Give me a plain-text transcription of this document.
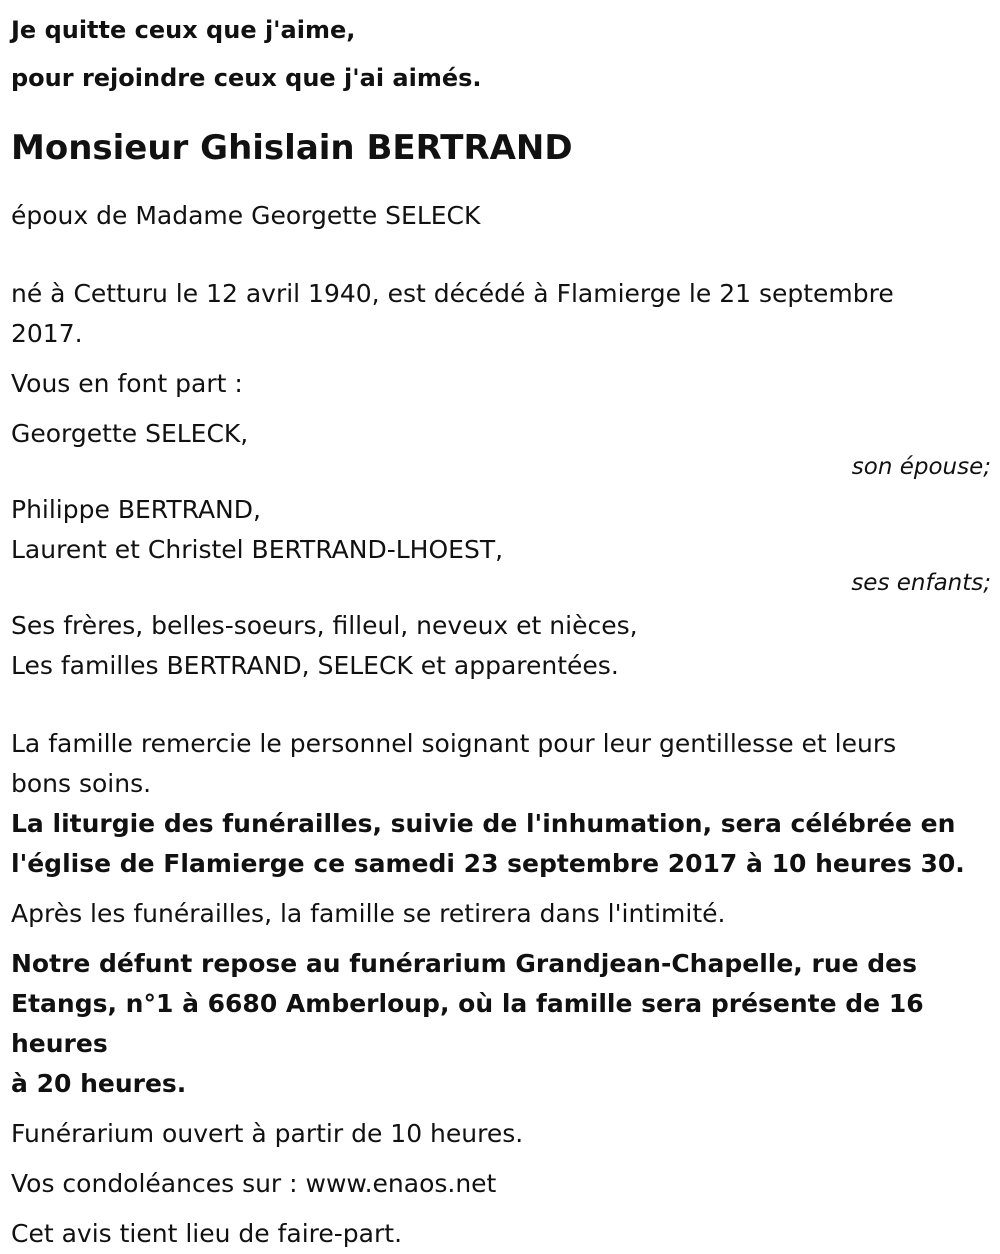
Je quitte ceux que j'aime,

pour rejoindre ceux que j'ai aimés.

Monsieur Ghislain BERTRAND

époux de Madame Georgette SELECK

né à Cetturu le 12 avril 1940, est décédé à Flamierge le 21 septembre

2017.

Vous en font part :

Georgette SELECK,

son épouse;

Philippe BERTRAND,

Laurent et Christel BERTRAND-LHOEST,

ses enfants;

Ses frères, belles-soeurs, filleul, neveux et nièces,

Les familles BERTRAND, SELECK et apparentées.

La famille remercie le personnel soignant pour leur gentillesse et leurs

bons soins.

La liturgie des funérailles, suivie de l'inhumation, sera célébrée en

l'église de Flamierge ce samedi 23 septembre 2017 à 10 heures 30.

Après les funérailles, la famille se retirera dans l'intimité.

Notre défunt repose au funérarium Grandjean-Chapelle, rue des

Etangs, n°1 à 6680 Amberloup, où la famille sera présente de 16 heures

à 20 heures.

Funérarium ouvert à partir de 10 heures.

Vos condoléances sur : www.enaos.net

Cet avis tient lieu de faire-part.
